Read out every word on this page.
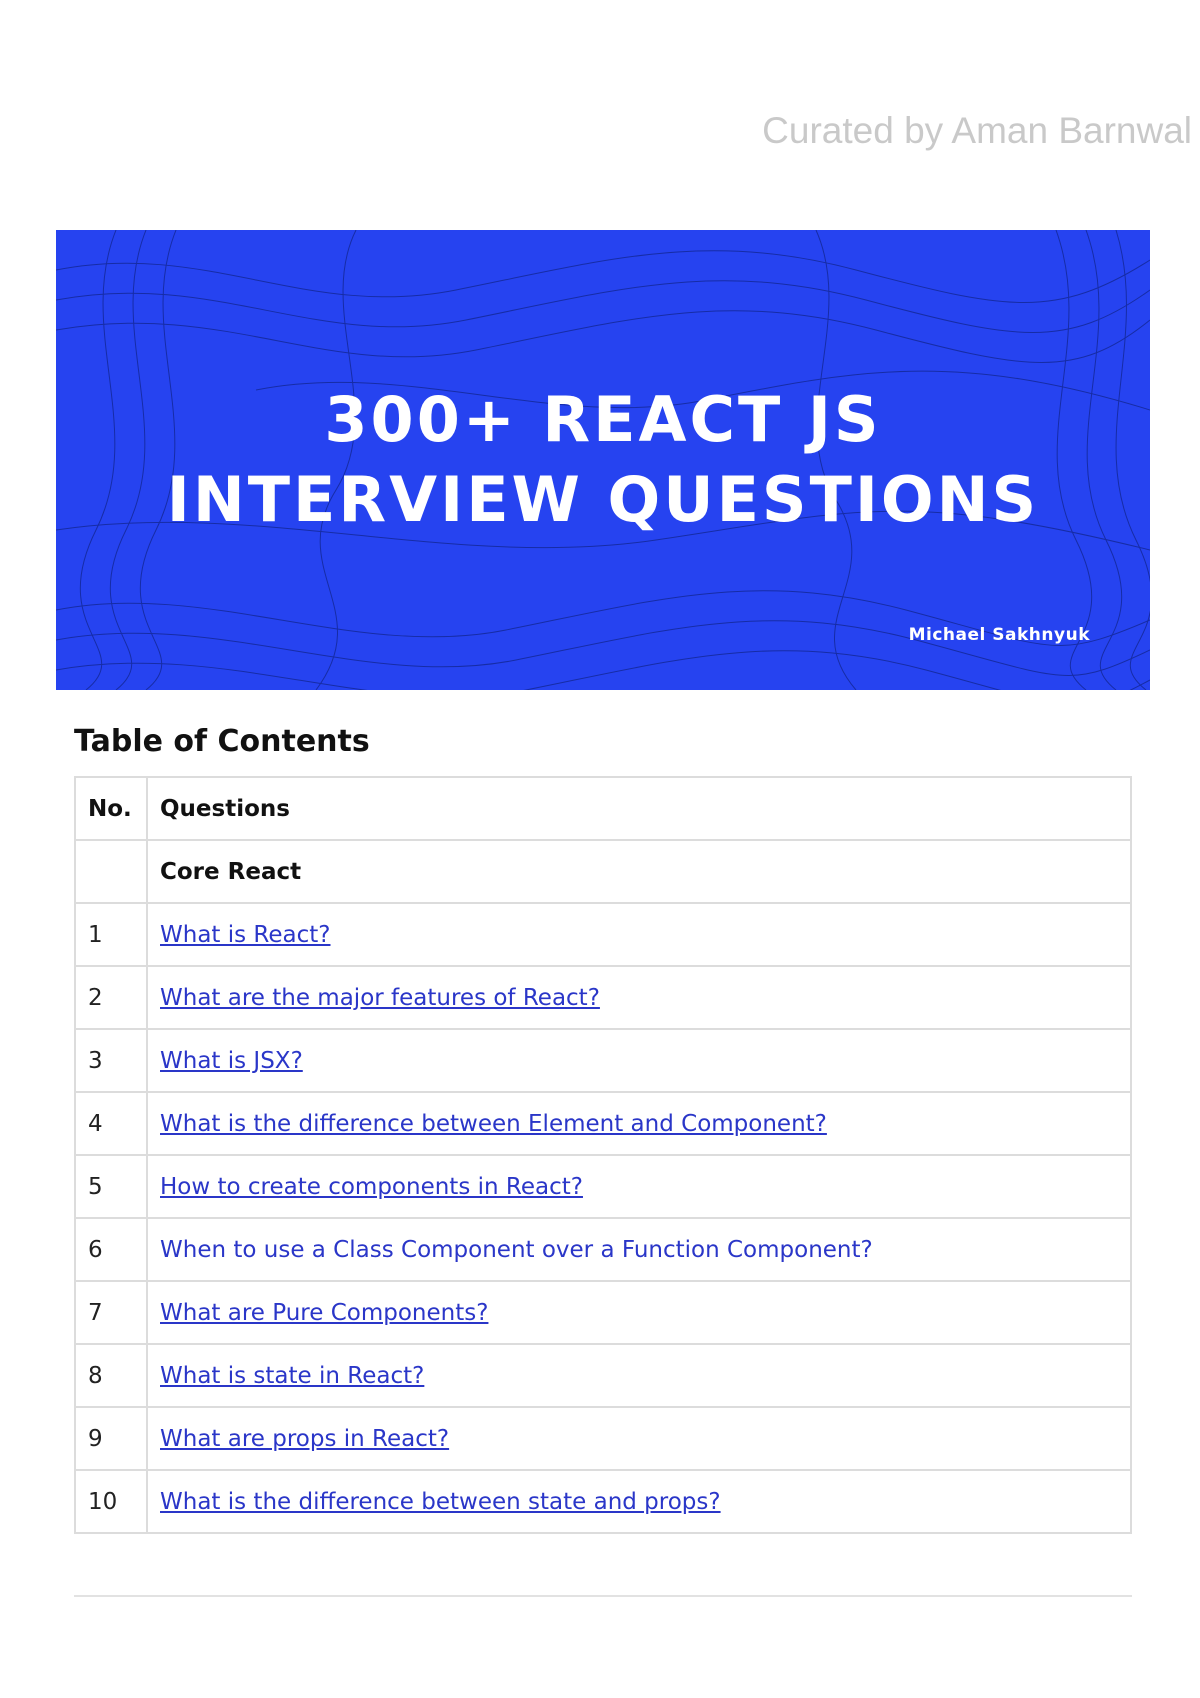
Curated by Aman Barnwal
300+ REACT JS
INTERVIEW QUESTIONS
Michael Sakhnyuk
Table of Contents
No.	Questions
	Core React
1	What is React?
2	What are the major features of React?
3	What is JSX?
4	What is the difference between Element and Component?
5	How to create components in React?
6	When to use a Class Component over a Function Component?
7	What are Pure Components?
8	What is state in React?
9	What are props in React?
10	What is the difference between state and props?
